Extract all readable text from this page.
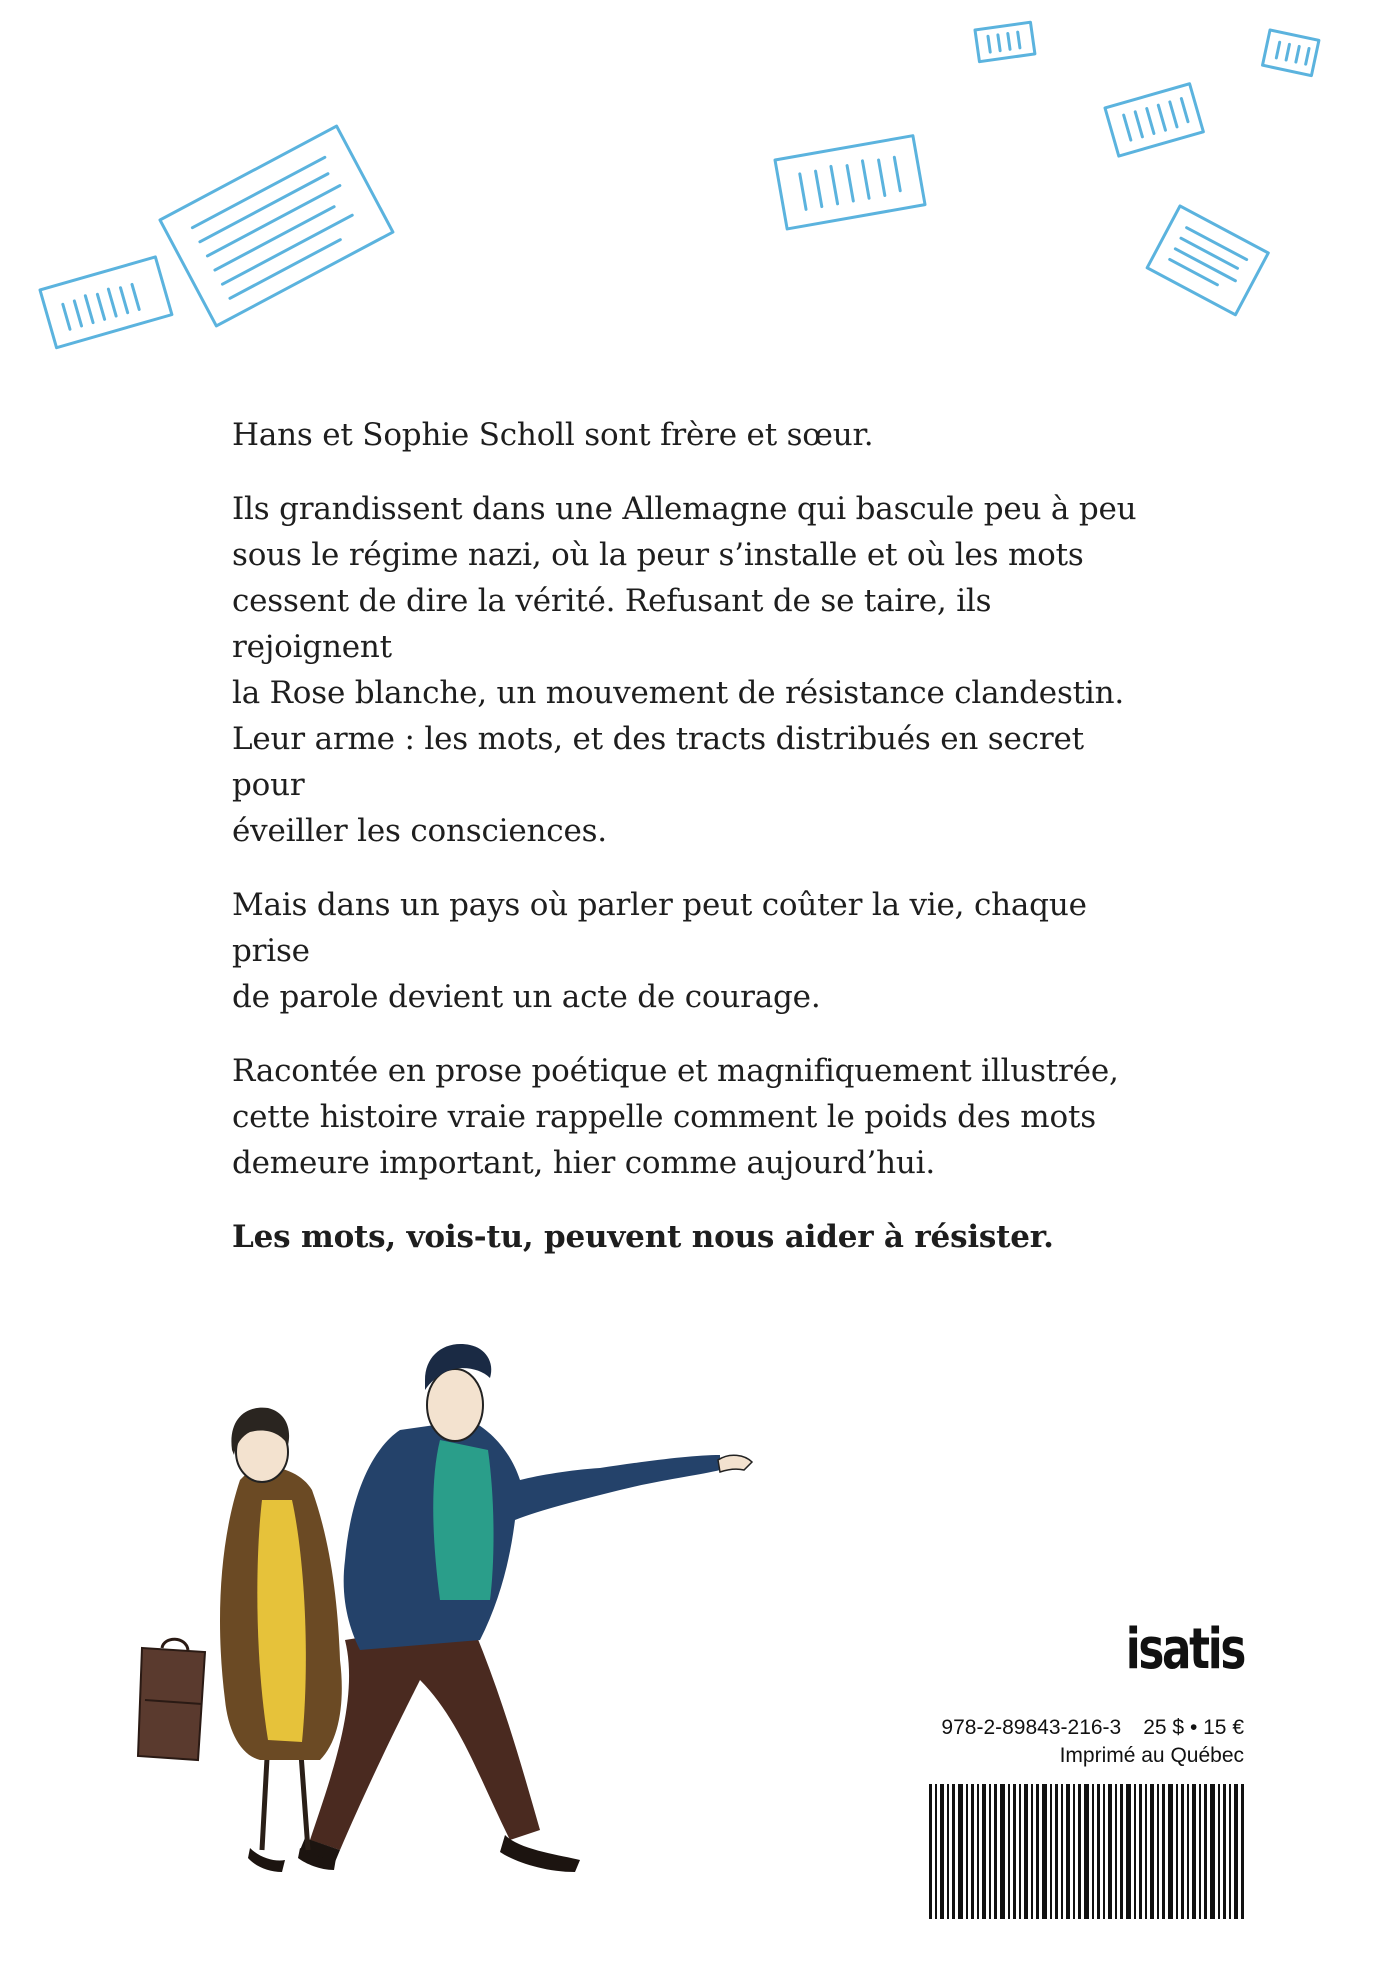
Hans et Sophie Scholl sont frère et sœur.

Ils grandissent dans une Allemagne qui bascule peu à peu
sous le régime nazi, où la peur s’installe et où les mots
cessent de dire la vérité. Refusant de se taire, ils rejoignent
la Rose blanche, un mouvement de résistance clandestin.
Leur arme : les mots, et des tracts distribués en secret pour
éveiller les consciences.

Mais dans un pays où parler peut coûter la vie, chaque prise
de parole devient un acte de courage.

Racontée en prose poétique et magnifiquement illustrée,
cette histoire vraie rappelle comment le poids des mots
demeure important, hier comme aujourd’hui.

Les mots, vois-tu, peuvent nous aider à résister.

isatis
978-2-89843-216-3 25 $ • 15 €
Imprimé au Québec
